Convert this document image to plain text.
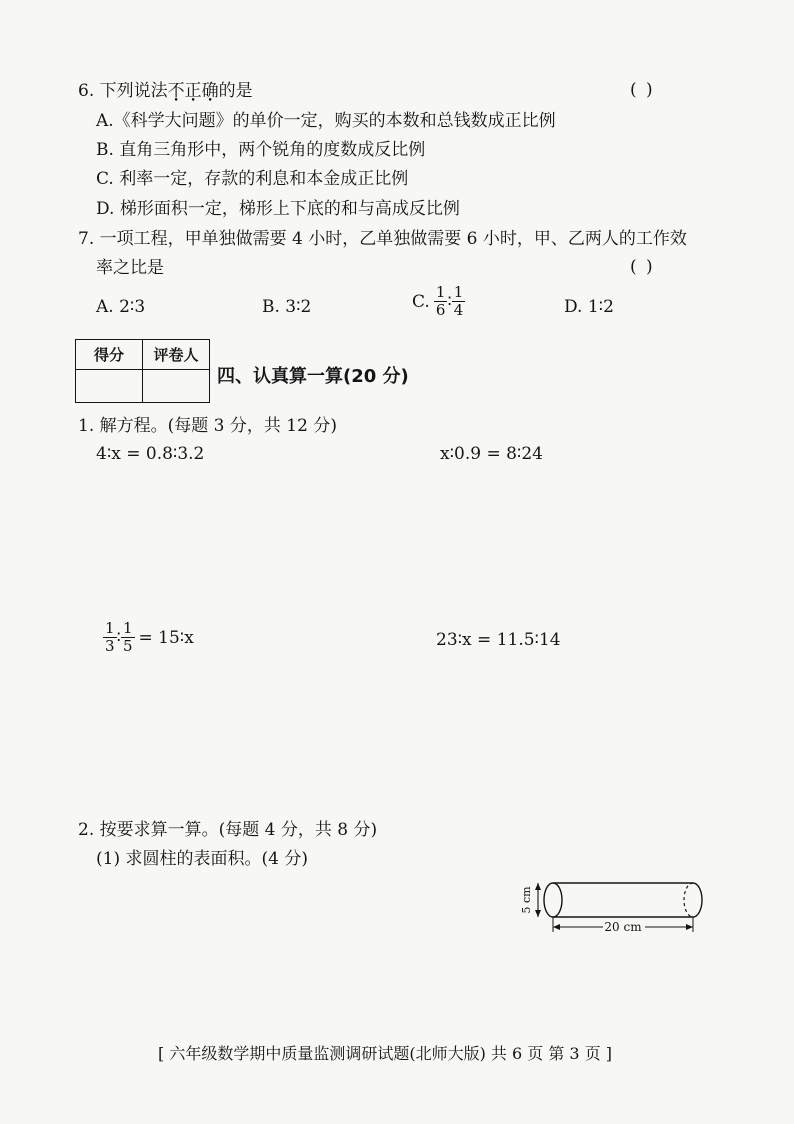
6. 下列说法不正确的是	( )
A.《科学大问题》的单价一定，购买的本数和总钱数成正比例
B. 直角三角形中，两个锐角的度数成反比例
C. 利率一定，存款的利息和本金成正比例
D. 梯形面积一定，梯形上下底的和与高成反比例
7. 一项工程，甲单独做需要 4 小时，乙单独做需要 6 小时，甲、乙两人的工作效
率之比是	( )
A. 2∶3	B. 3∶2	C. $\frac{1}{6}$ ∶ $\frac{1}{4}$	D. 1∶2
得分	评卷人

四、认真算一算(20 分)
1. 解方程。(每题 3 分，共 12 分)
4∶x = 0.8∶3.2	x∶0.9 = 8∶24
$\frac{1}{3}$ ∶ $\frac{1}{5}$ = 15∶x	23∶x = 11.5∶14
2. 按要求算一算。(每题 4 分，共 8 分)
(1) 求圆柱的表面积。(4 分)
5 cm
20 cm
[ 六年级数学期中质量监测调研试题(北师大版) 共 6 页 第 3 页 ]
